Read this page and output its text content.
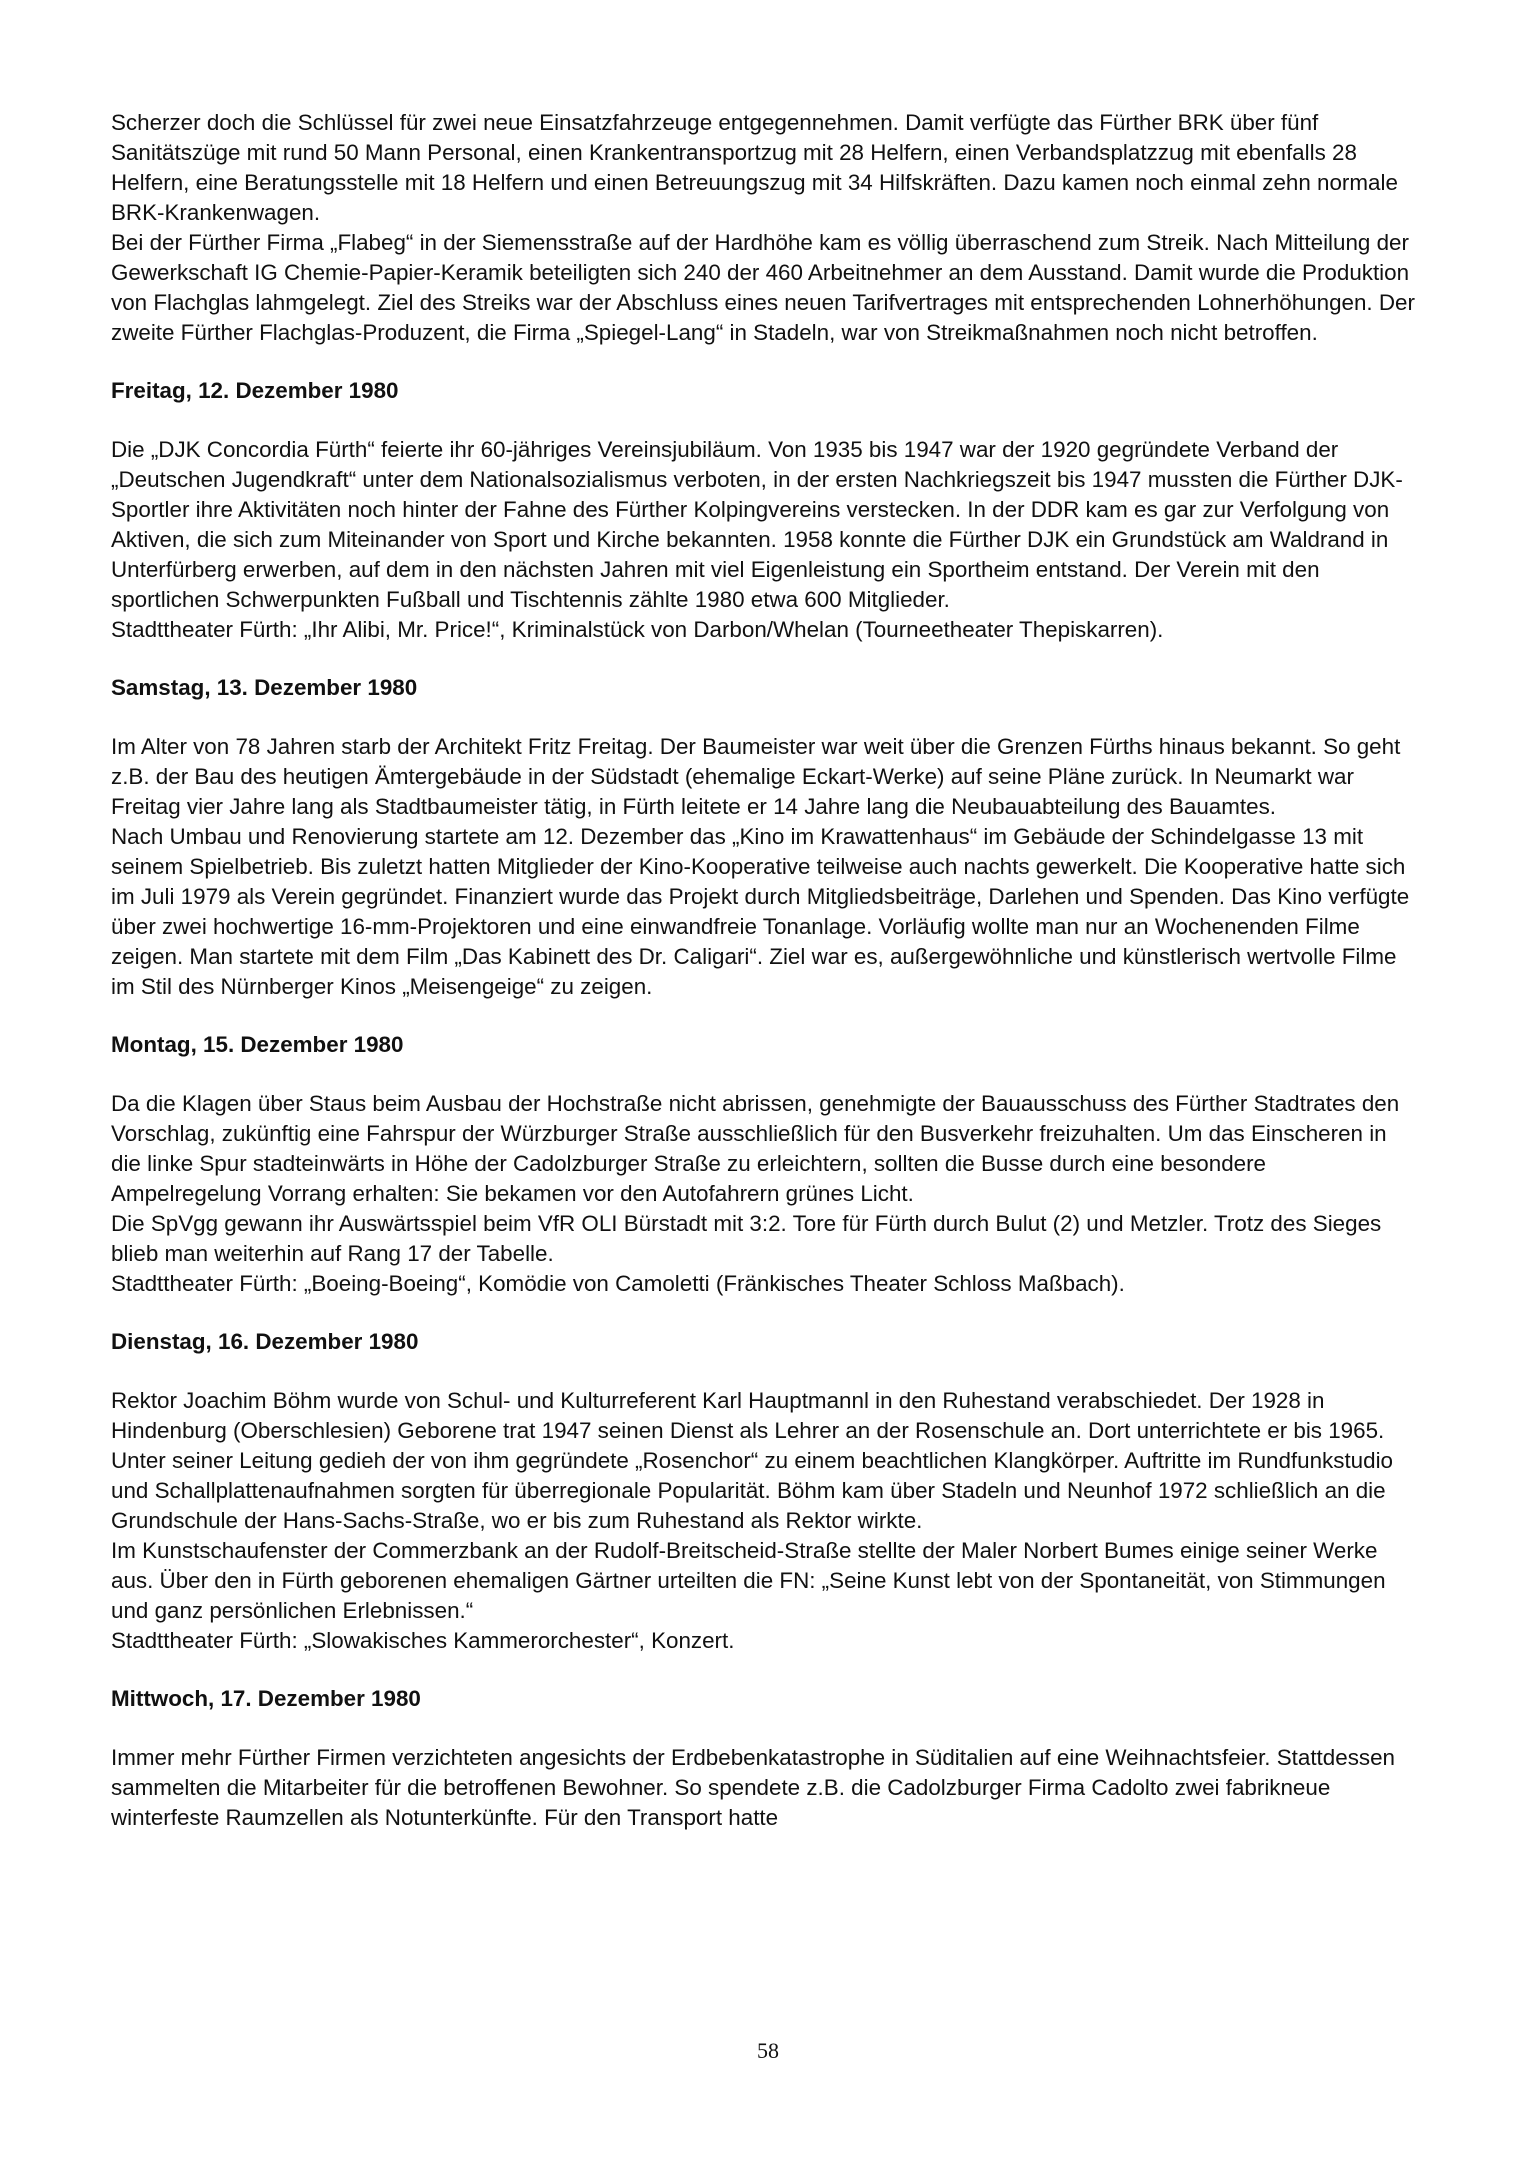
Scherzer doch die Schlüssel für zwei neue Einsatzfahrzeuge entgegennehmen. Damit verfügte das Fürther BRK über fünf Sanitätszüge mit rund 50 Mann Personal, einen Krankentransportzug mit 28 Helfern, einen Verbandsplatzzug mit ebenfalls 28 Helfern, eine Beratungsstelle mit 18 Helfern und einen Betreuungszug mit 34 Hilfskräften. Dazu kamen noch einmal zehn normale BRK-Krankenwagen.

Bei der Fürther Firma „Flabeg“ in der Siemensstraße auf der Hardhöhe kam es völlig überraschend zum Streik. Nach Mitteilung der Gewerkschaft IG Chemie-Papier-Keramik beteiligten sich 240 der 460 Arbeitnehmer an dem Ausstand. Damit wurde die Produktion von Flachglas lahmgelegt. Ziel des Streiks war der Abschluss eines neuen Tarifvertrages mit entsprechenden Lohnerhöhungen. Der zweite Fürther Flachglas-Produzent, die Firma „Spiegel-Lang“ in Stadeln, war von Streikmaßnahmen noch nicht betroffen.

Freitag, 12. Dezember 1980

Die „DJK Concordia Fürth“ feierte ihr 60-jähriges Vereinsjubiläum. Von 1935 bis 1947 war der 1920 gegründete Verband der „Deutschen Jugendkraft“ unter dem Nationalsozialismus verboten, in der ersten Nachkriegszeit bis 1947 mussten die Fürther DJK-Sportler ihre Aktivitäten noch hinter der Fahne des Fürther Kolpingvereins verstecken. In der DDR kam es gar zur Verfolgung von Aktiven, die sich zum Miteinander von Sport und Kirche bekannten. 1958 konnte die Fürther DJK ein Grundstück am Waldrand in Unterfürberg erwerben, auf dem in den nächsten Jahren mit viel Eigenleistung ein Sportheim entstand. Der Verein mit den sportlichen Schwerpunkten Fußball und Tischtennis zählte 1980 etwa 600 Mitglieder.

Stadttheater Fürth: „Ihr Alibi, Mr. Price!“, Kriminalstück von Darbon/Whelan (Tourneetheater Thepiskarren).

Samstag, 13. Dezember 1980

Im Alter von 78 Jahren starb der Architekt Fritz Freitag. Der Baumeister war weit über die Grenzen Fürths hinaus bekannt. So geht z.B. der Bau des heutigen Ämtergebäude in der Südstadt (ehemalige Eckart-Werke) auf seine Pläne zurück. In Neumarkt war Freitag vier Jahre lang als Stadtbaumeister tätig, in Fürth leitete er 14 Jahre lang die Neubauabteilung des Bauamtes.

Nach Umbau und Renovierung startete am 12. Dezember das „Kino im Krawattenhaus“ im Gebäude der Schindelgasse 13 mit seinem Spielbetrieb. Bis zuletzt hatten Mitglieder der Kino-Kooperative teilweise auch nachts gewerkelt. Die Kooperative hatte sich im Juli 1979 als Verein gegründet. Finanziert wurde das Projekt durch Mitgliedsbeiträge, Darlehen und Spenden. Das Kino verfügte über zwei hochwertige 16-mm-Projektoren und eine einwandfreie Tonanlage. Vorläufig wollte man nur an Wochenenden Filme zeigen. Man startete mit dem Film „Das Kabinett des Dr. Caligari“. Ziel war es, außergewöhnliche und künstlerisch wertvolle Filme im Stil des Nürnberger Kinos „Meisengeige“ zu zeigen.

Montag, 15. Dezember 1980

Da die Klagen über Staus beim Ausbau der Hochstraße nicht abrissen, genehmigte der Bauausschuss des Fürther Stadtrates den Vorschlag, zukünftig eine Fahrspur der Würzburger Straße ausschließlich für den Busverkehr freizuhalten. Um das Einscheren in die linke Spur stadteinwärts in Höhe der Cadolzburger Straße zu erleichtern, sollten die Busse durch eine besondere Ampelregelung Vorrang erhalten: Sie bekamen vor den Autofahrern grünes Licht.

Die SpVgg gewann ihr Auswärtsspiel beim VfR OLI Bürstadt mit 3:2. Tore für Fürth durch Bulut (2) und Metzler. Trotz des Sieges blieb man weiterhin auf Rang 17 der Tabelle.

Stadttheater Fürth: „Boeing-Boeing“, Komödie von Camoletti (Fränkisches Theater Schloss Maßbach).

Dienstag, 16. Dezember 1980

Rektor Joachim Böhm wurde von Schul- und Kulturreferent Karl Hauptmannl in den Ruhestand verabschiedet. Der 1928 in Hindenburg (Oberschlesien) Geborene trat 1947 seinen Dienst als Lehrer an der Rosenschule an. Dort unterrichtete er bis 1965. Unter seiner Leitung gedieh der von ihm gegründete „Rosenchor“ zu einem beachtlichen Klangkörper. Auftritte im Rundfunkstudio und Schallplattenaufnahmen sorgten für überregionale Popularität. Böhm kam über Stadeln und Neunhof 1972 schließlich an die Grundschule der Hans-Sachs-Straße, wo er bis zum Ruhestand als Rektor wirkte.

Im Kunstschaufenster der Commerzbank an der Rudolf-Breitscheid-Straße stellte der Maler Norbert Bumes einige seiner Werke aus. Über den in Fürth geborenen ehemaligen Gärtner urteilten die FN: „Seine Kunst lebt von der Spontaneität, von Stimmungen und ganz persönlichen Erlebnissen.“

Stadttheater Fürth: „Slowakisches Kammerorchester“, Konzert.

Mittwoch, 17. Dezember 1980

Immer mehr Fürther Firmen verzichteten angesichts der Erdbebenkatastrophe in Süditalien auf eine Weihnachtsfeier. Stattdessen sammelten die Mitarbeiter für die betroffenen Bewohner. So spendete z.B. die Cadolzburger Firma Cadolto zwei fabrikneue winterfeste Raumzellen als Notunterkünfte. Für den Transport hatte

58
